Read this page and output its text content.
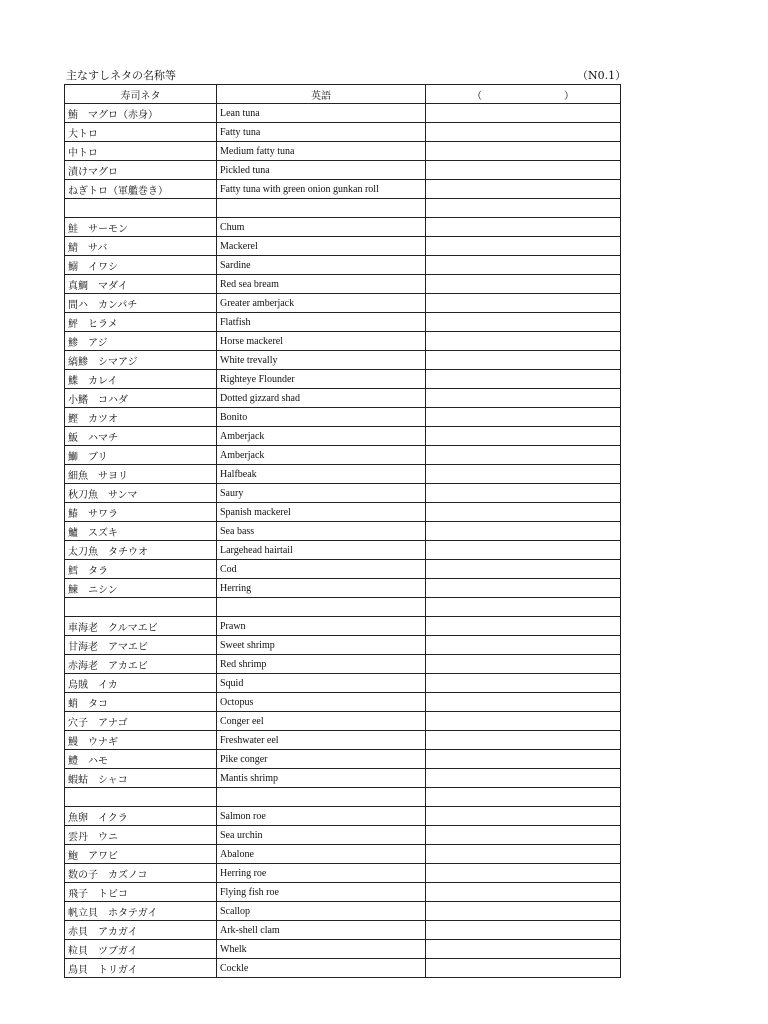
主なすしネタの名称等	（N0.1）
寿司ネタ	英語	（ ）
鮪　マグロ（赤身）	Lean tuna	
大トロ	Fatty tuna	
中トロ	Medium fatty tuna	
漬けマグロ	Pickled tuna	
ねぎトロ（軍艦巻き）	Fatty tuna with green onion gunkan roll	

鮭　サーモン	Chum	
鯖　サバ	Mackerel	
鰯　イワシ	Sardine	
真鯛　マダイ	Red sea bream	
間ハ　カンパチ	Greater amberjack	
鮃　ヒラメ	Flatfish	
鯵　アジ	Horse mackerel	
縞鯵　シマアジ	White trevally	
鰈　カレイ	Righteye Flounder	
小鰭　コハダ	Dotted gizzard shad	
鰹　カツオ	Bonito	
魬　ハマチ	Amberjack	
鰤　ブリ	Amberjack	
細魚　サヨリ	Halfbeak	
秋刀魚　サンマ	Saury	
鰆　サワラ	Spanish mackerel	
鱸　スズキ	Sea bass	
太刀魚　タチウオ	Largehead hairtail	
鱈　タラ	Cod	
鰊　ニシン	Herring	

車海老　クルマエビ	Prawn	
甘海老　アマエビ	Sweet shrimp	
赤海老　アカエビ	Red shrimp	
烏賊　イカ	Squid	
蛸　タコ	Octopus	
穴子　アナゴ	Conger eel	
鰻　ウナギ	Freshwater eel	
鱧　ハモ	Pike conger	
蝦蛄　シャコ	Mantis shrimp	

魚卵　イクラ	Salmon roe	
雲丹　ウニ	Sea urchin	
鮑　アワビ	Abalone	
数の子　カズノコ	Herring roe	
飛子　トビコ	Flying fish roe	
帆立貝　ホタテガイ	Scallop	
赤貝　アカガイ	Ark-shell clam	
粒貝　ツブガイ	Whelk	
鳥貝　トリガイ	Cockle	
